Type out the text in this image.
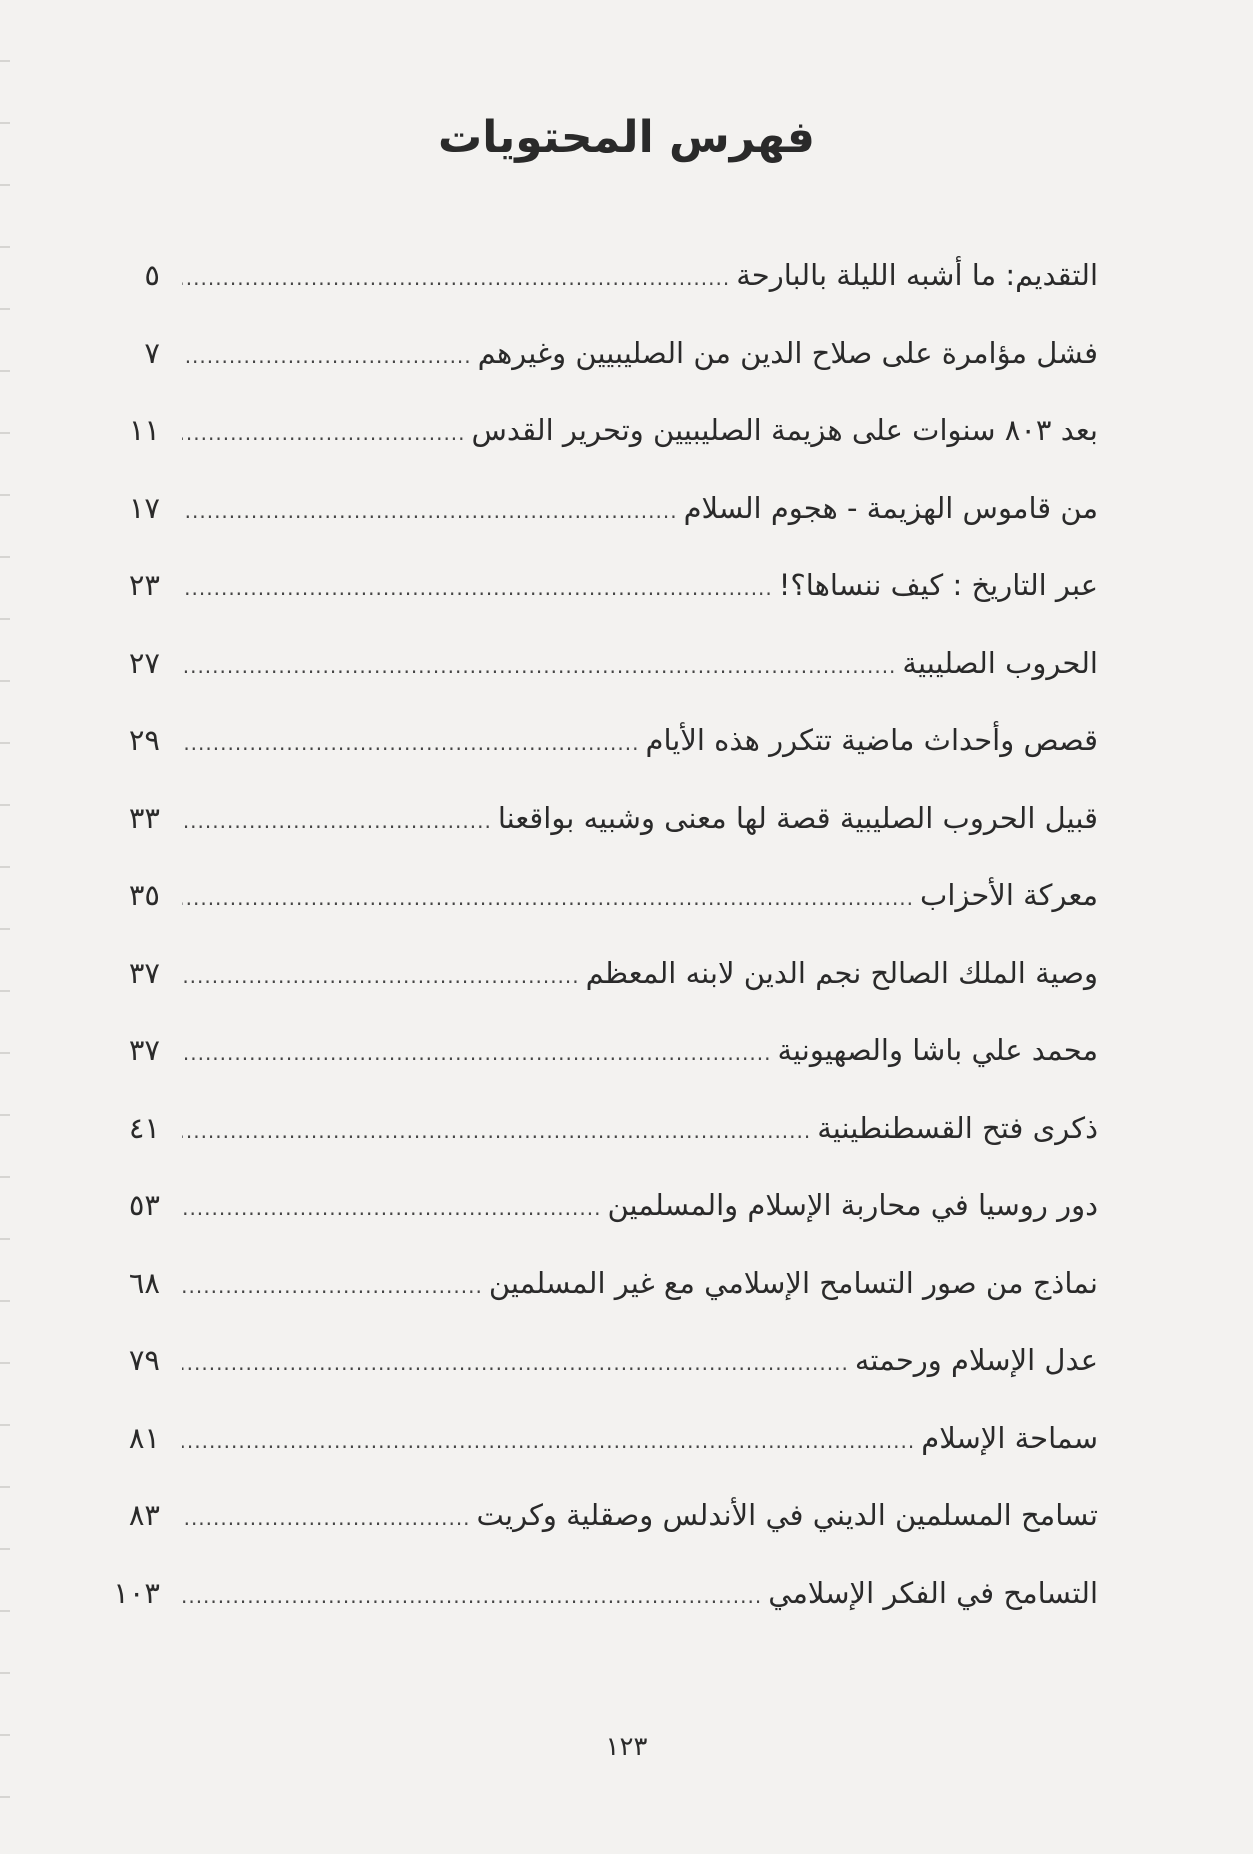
فهرس المحتويات
التقديم: ما أشبه الليلة بالبارحة
.....
٥
فشل مؤامرة على صلاح الدين من الصليبيين وغيرهم
.....
٧
بعد ٨٠٣ سنوات على هزيمة الصليبيين وتحرير القدس
.....
١١
من قاموس الهزيمة - هجوم السلام
.....
١٧
عبر التاريخ : كيف ننساها؟!
.....
٢٣
الحروب الصليبية
.....
٢٧
قصص وأحداث ماضية تتكرر هذه الأيام
.....
٢٩
قبيل الحروب الصليبية قصة لها معنى وشبيه بواقعنا
.....
٣٣
معركة الأحزاب
.....
٣٥
وصية الملك الصالح نجم الدين لابنه المعظم
.....
٣٧
محمد علي باشا والصهيونية
.....
٣٧
ذكرى فتح القسطنطينية
.....
٤١
دور روسيا في محاربة الإسلام والمسلمين
.....
٥٣
نماذج من صور التسامح الإسلامي مع غير المسلمين
.....
٦٨
عدل الإسلام ورحمته
.....
٧٩
سماحة الإسلام
.....
٨١
تسامح المسلمين الديني في الأندلس وصقلية وكريت
.....
٨٣
التسامح في الفكر الإسلامي
.....
١٠٣
١٢٣
